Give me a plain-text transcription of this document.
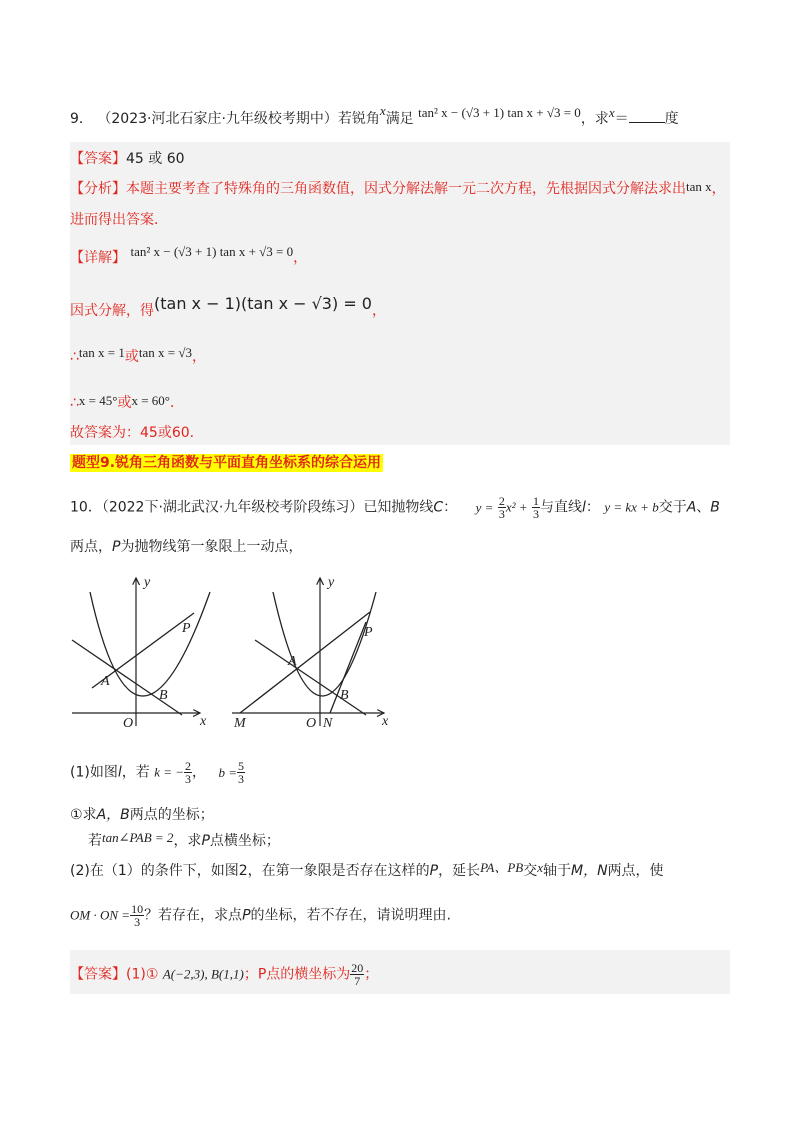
9． （2023·河北石家庄·九年级校考期中）若锐角x满足 tan² x − (√3 + 1) tan x + √3 = 0，求x＝	度
【答案】45 或 60
【分析】本题主要考查了特殊角的三角函数值，因式分解法解一元二次方程，先根据因式分解法求出tan x，
进而得出答案．
【详解】 tan² x − (√3 + 1) tan x + √3 = 0，
因式分解，得(tan x − 1)(tan x − √3) = 0，
∴tan x = 1或tan x = √3，
∴x = 45°或x = 60°．
故答案为：45或60.
题型9.锐角三角函数与平面直角坐标系的综合运用
10．（2022下·湖北武汉·九年级校考阶段练习）已知抛物线C： $y = \frac{2}{3} x^2 + \frac{1}{3}$ 与直线l： y = kx + b交于A、B
两点，P为抛物线第一象限上一动点，
y
x
O
A
B
P
y
x
O N
M
A
B
P
(1)如图l，若 k = − $\frac{2}{3}$ ， $b = \frac{5}{3}$
①求A，B两点的坐标；
若tan∠PAB = 2，求P点横坐标；
(2)在（1）的条件下，如图2，在第一象限是否存在这样的P，延长PA、PB交x轴于M，N两点，使
OM · ON = $\frac{10}{3}$ ？若存在，求点P的坐标，若不存在，请说明理由.
【答案】(1)① A(−2,3), B(1,1)；P点的横坐标为 $\frac{20}{7}$ ；
